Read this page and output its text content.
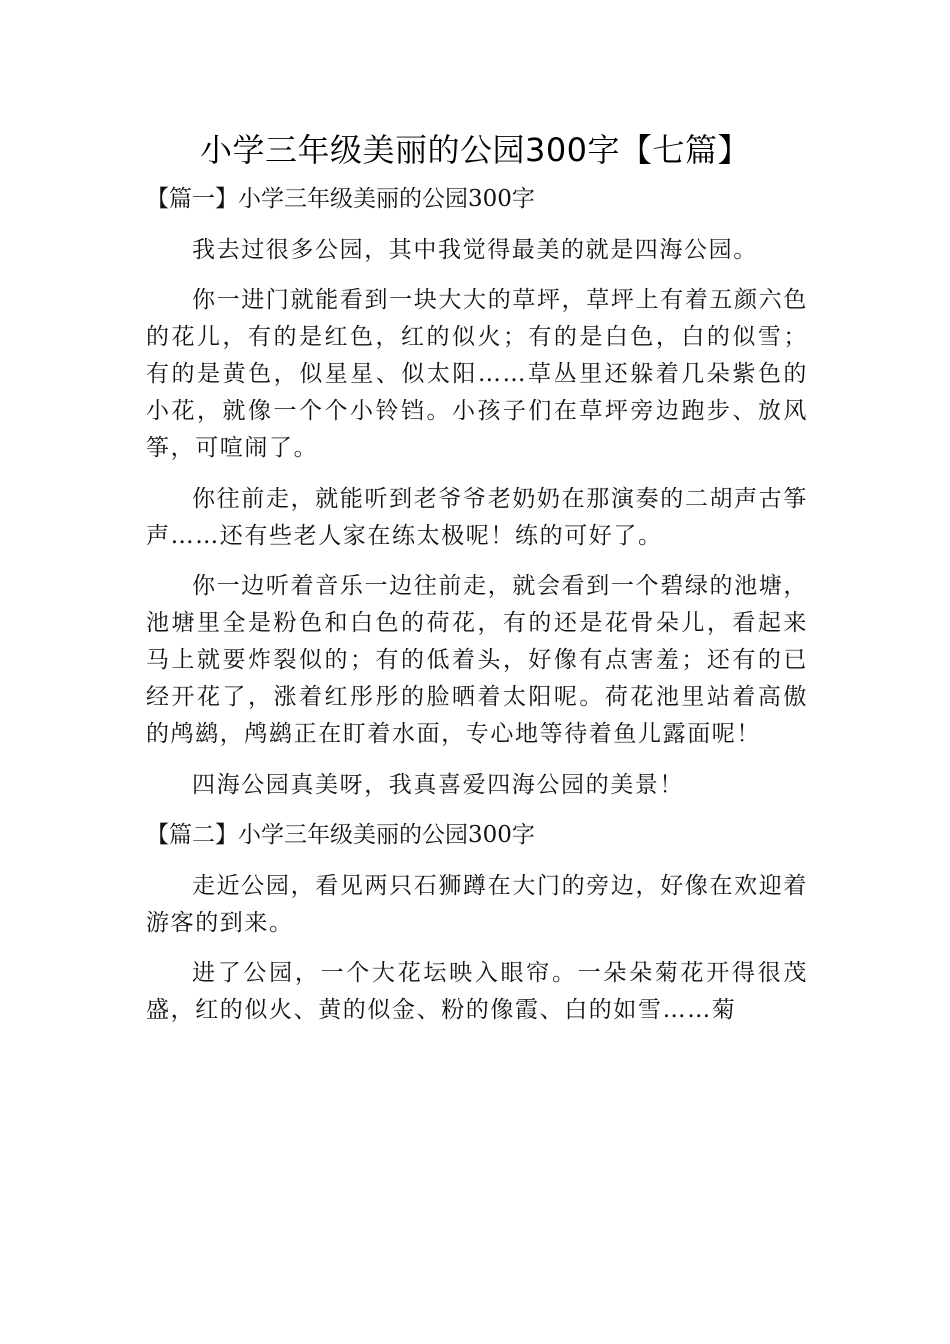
小学三年级美丽的公园300字【七篇】
【篇一】小学三年级美丽的公园300字

我去过很多公园，其中我觉得最美的就是四海公园。

你一进门就能看到一块大大的草坪，草坪上有着五颜六色的花儿，有的是红色，红的似火；有的是白色，白的似雪；有的是黄色，似星星、似太阳……草丛里还躲着几朵紫色的小花，就像一个个小铃铛。小孩子们在草坪旁边跑步、放风筝，可喧闹了。

你往前走，就能听到老爷爷老奶奶在那演奏的二胡声古筝声……还有些老人家在练太极呢！练的可好了。

你一边听着音乐一边往前走，就会看到一个碧绿的池塘，池塘里全是粉色和白色的荷花，有的还是花骨朵儿，看起来马上就要炸裂似的；有的低着头，好像有点害羞；还有的已经开花了，涨着红彤彤的脸晒着太阳呢。荷花池里站着高傲的鸬鹚，鸬鹚正在盯着水面，专心地等待着鱼儿露面呢！

四海公园真美呀，我真喜爱四海公园的美景！

【篇二】小学三年级美丽的公园300字

走近公园，看见两只石狮蹲在大门的旁边，好像在欢迎着游客的到来。

进了公园，一个大花坛映入眼帘。一朵朵菊花开得很茂盛，红的似火、黄的似金、粉的像霞、白的如雪……菊
